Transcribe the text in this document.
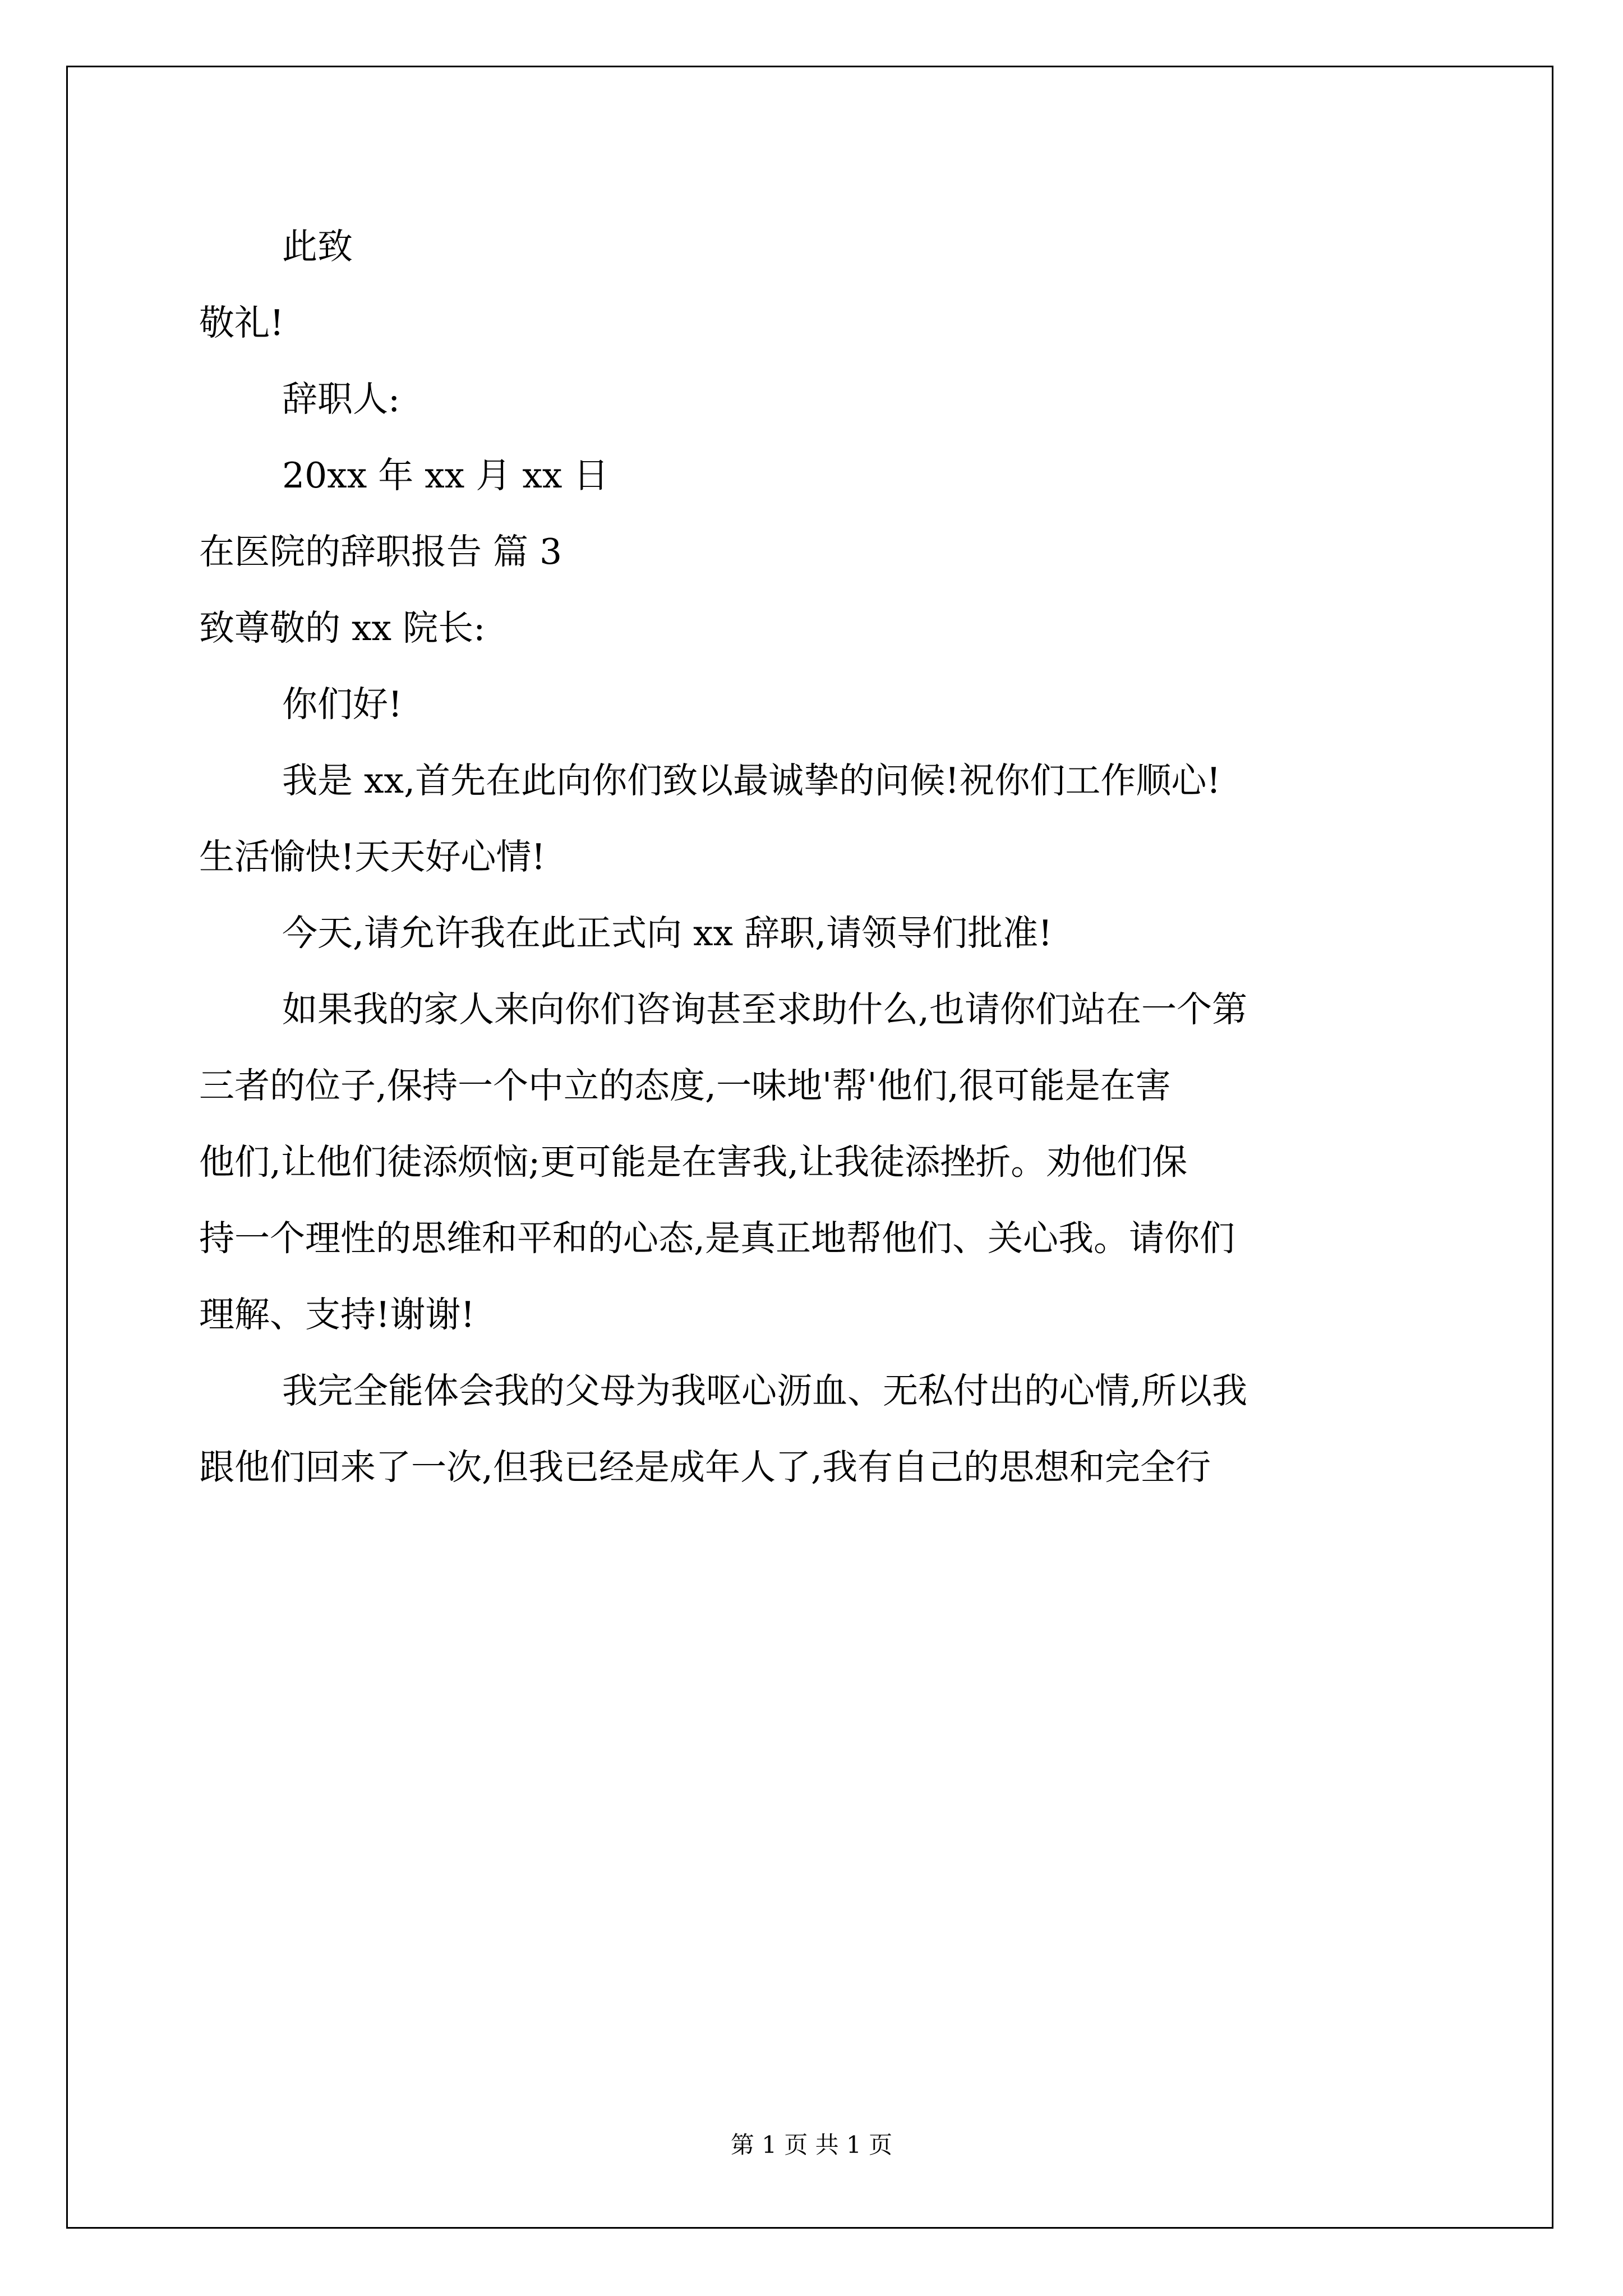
此致
敬礼!
辞职人:
20xx 年 xx 月 xx 日
在医院的辞职报告 篇 3
致尊敬的 xx 院长:
你们好!
我是 xx,首先在此向你们致以最诚挚的问候!祝你们工作顺心!
生活愉快!天天好心情!
今天,请允许我在此正式向 xx 辞职,请领导们批准!
如果我的家人来向你们咨询甚至求助什么,也请你们站在一个第
三者的位子,保持一个中立的态度,一味地'帮'他们,很可能是在害
他们,让他们徒添烦恼;更可能是在害我,让我徒添挫折。劝他们保
持一个理性的思维和平和的心态,是真正地帮他们、关心我。请你们
理解、支持!谢谢!
我完全能体会我的父母为我呕心沥血、无私付出的心情,所以我
跟他们回来了一次,但我已经是成年人了,我有自己的思想和完全行
第 1 页 共 1 页
